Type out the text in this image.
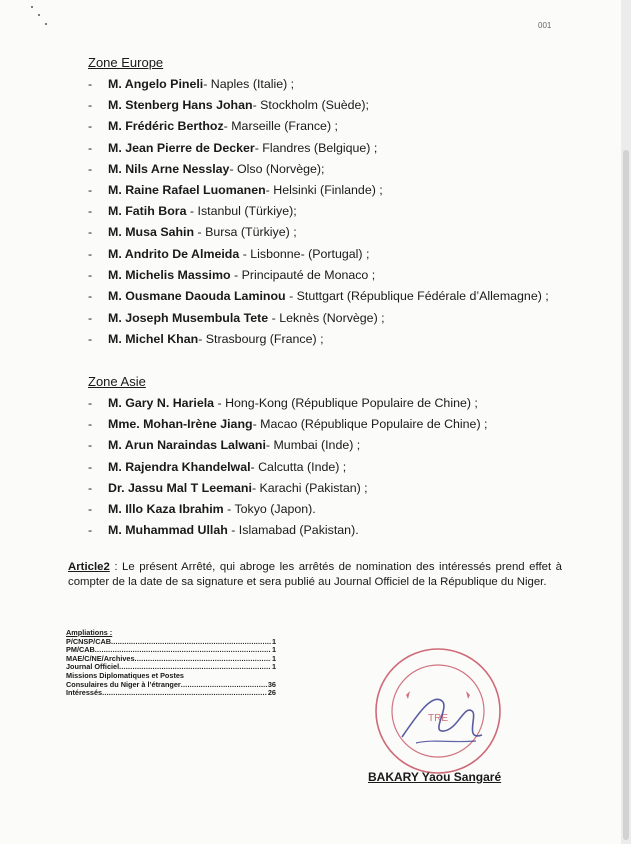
001
Zone Europe
- M. Angelo Pineli- Naples (Italie) ;
- M. Stenberg Hans Johan- Stockholm (Suède);
- M. Frédéric Berthoz- Marseille (France) ;
- M. Jean Pierre de Decker- Flandres (Belgique) ;
- M. Nils Arne Nesslay- Olso (Norvège);
- M. Raine Rafael Luomanen- Helsinki (Finlande) ;
- M. Fatih Bora - Istanbul (Türkiye);
- M. Musa Sahin - Bursa (Türkiye) ;
- M. Andrito De Almeida - Lisbonne- (Portugal) ;
- M. Michelis Massimo - Principauté de Monaco ;
- M. Ousmane Daouda Laminou - Stuttgart (République Fédérale d’Allemagne) ;
- M. Joseph Musembula Tete - Leknès (Norvège) ;
- M. Michel Khan- Strasbourg (France) ;
Zone Asie
- M. Gary N. Hariela - Hong-Kong (République Populaire de Chine) ;
- Mme. Mohan-Irène Jiang- Macao (République Populaire de Chine) ;
- M. Arun Naraindas Lalwani- Mumbai (Inde) ;
- M. Rajendra Khandelwal- Calcutta (Inde) ;
- Dr. Jassu Mal T Leemani- Karachi (Pakistan) ;
- M. Illo Kaza Ibrahim - Tokyo (Japon).
- M. Muhammad Ullah - Islamabad (Pakistan).
Article2 : Le présent Arrêté, qui abroge les arrêtés de nomination des intéressés prend effet à compter de la date de sa signature et sera publié au Journal Officiel de la République du Niger.
Ampliations :
P/CNSP/CAB .....	1
PM/CAB .....	1
MAE/C/NE/Archives .....	1
Journal Officiel .....	1
Missions Diplomatiques et Postes
Consulaires du Niger à l’étranger .....	36
Intéressés .....	26
TRE
BAKARY Yaou Sangaré
